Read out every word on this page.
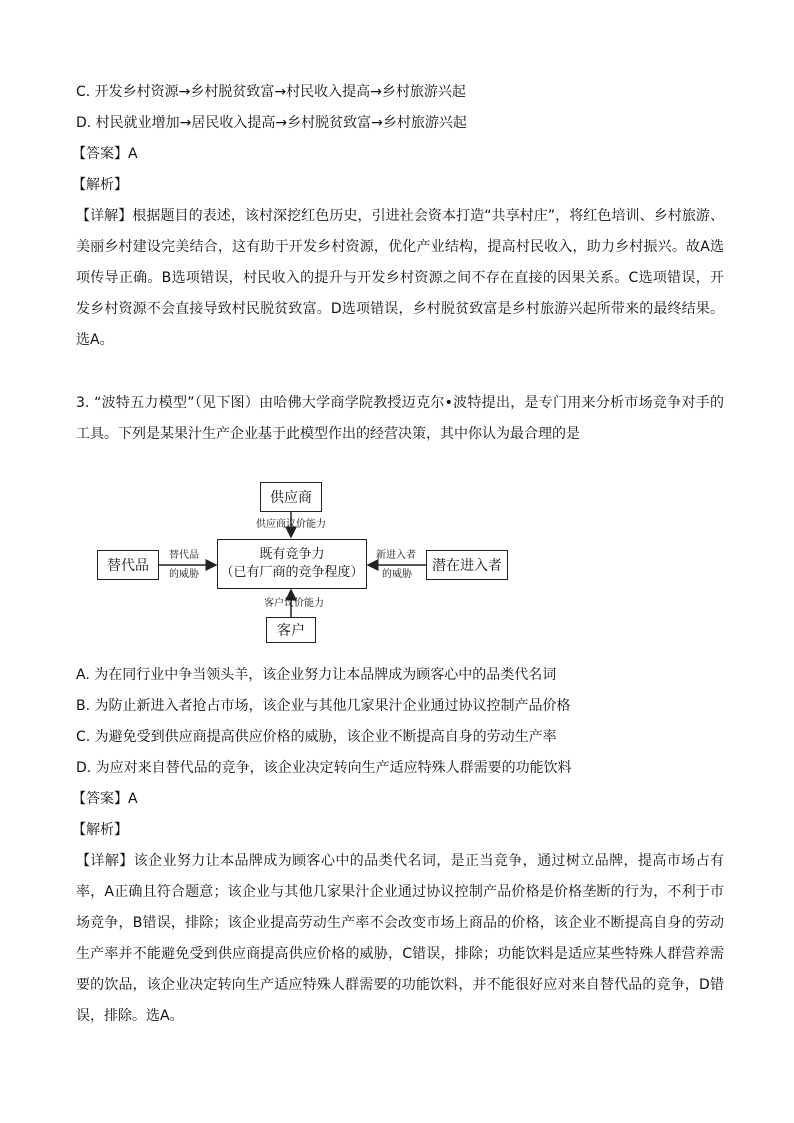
C. 开发乡村资源→乡村脱贫致富→村民收入提高→乡村旅游兴起
D. 村民就业增加→居民收入提高→乡村脱贫致富→乡村旅游兴起
【答案】A
【解析】
【详解】根据题目的表述，该村深挖红色历史，引进社会资本打造“共享村庄”，将红色培训、乡村旅游、美丽乡村建设完美结合，这有助于开发乡村资源，优化产业结构，提高村民收入，助力乡村振兴。故A选项传导正确。B选项错误，村民收入的提升与开发乡村资源之间不存在直接的因果关系。C选项错误，开发乡村资源不会直接导致村民脱贫致富。D选项错误，乡村脱贫致富是乡村旅游兴起所带来的最终结果。选A。
3. “波特五力模型”（见下图）由哈佛大学商学院教授迈克尔•波特提出，是专门用来分析市场竞争对手的工具。下列是某果汁生产企业基于此模型作出的经营决策，其中你认为最合理的是
供应商
供应商议价能力
既有竞争力
（已有厂商的竞争程度）
替代品
替代品
的威胁
潜在进入者
新进入者
的威胁
客户
客户议价能力
A. 为在同行业中争当领头羊，该企业努力让本品牌成为顾客心中的品类代名词
B. 为防止新进入者抢占市场，该企业与其他几家果汁企业通过协议控制产品价格
C. 为避免受到供应商提高供应价格的威胁，该企业不断提高自身的劳动生产率
D. 为应对来自替代品的竞争，该企业决定转向生产适应特殊人群需要的功能饮料
【答案】A
【解析】
【详解】该企业努力让本品牌成为顾客心中的品类代名词，是正当竞争，通过树立品牌，提高市场占有率，A正确且符合题意；该企业与其他几家果汁企业通过协议控制产品价格是价格垄断的行为，不利于市场竞争，B错误，排除；该企业提高劳动生产率不会改变市场上商品的价格，该企业不断提高自身的劳动生产率并不能避免受到供应商提高供应价格的威胁，C错误，排除；功能饮料是适应某些特殊人群营养需要的饮品，该企业决定转向生产适应特殊人群需要的功能饮料，并不能很好应对来自替代品的竞争，D错误，排除。选A。
